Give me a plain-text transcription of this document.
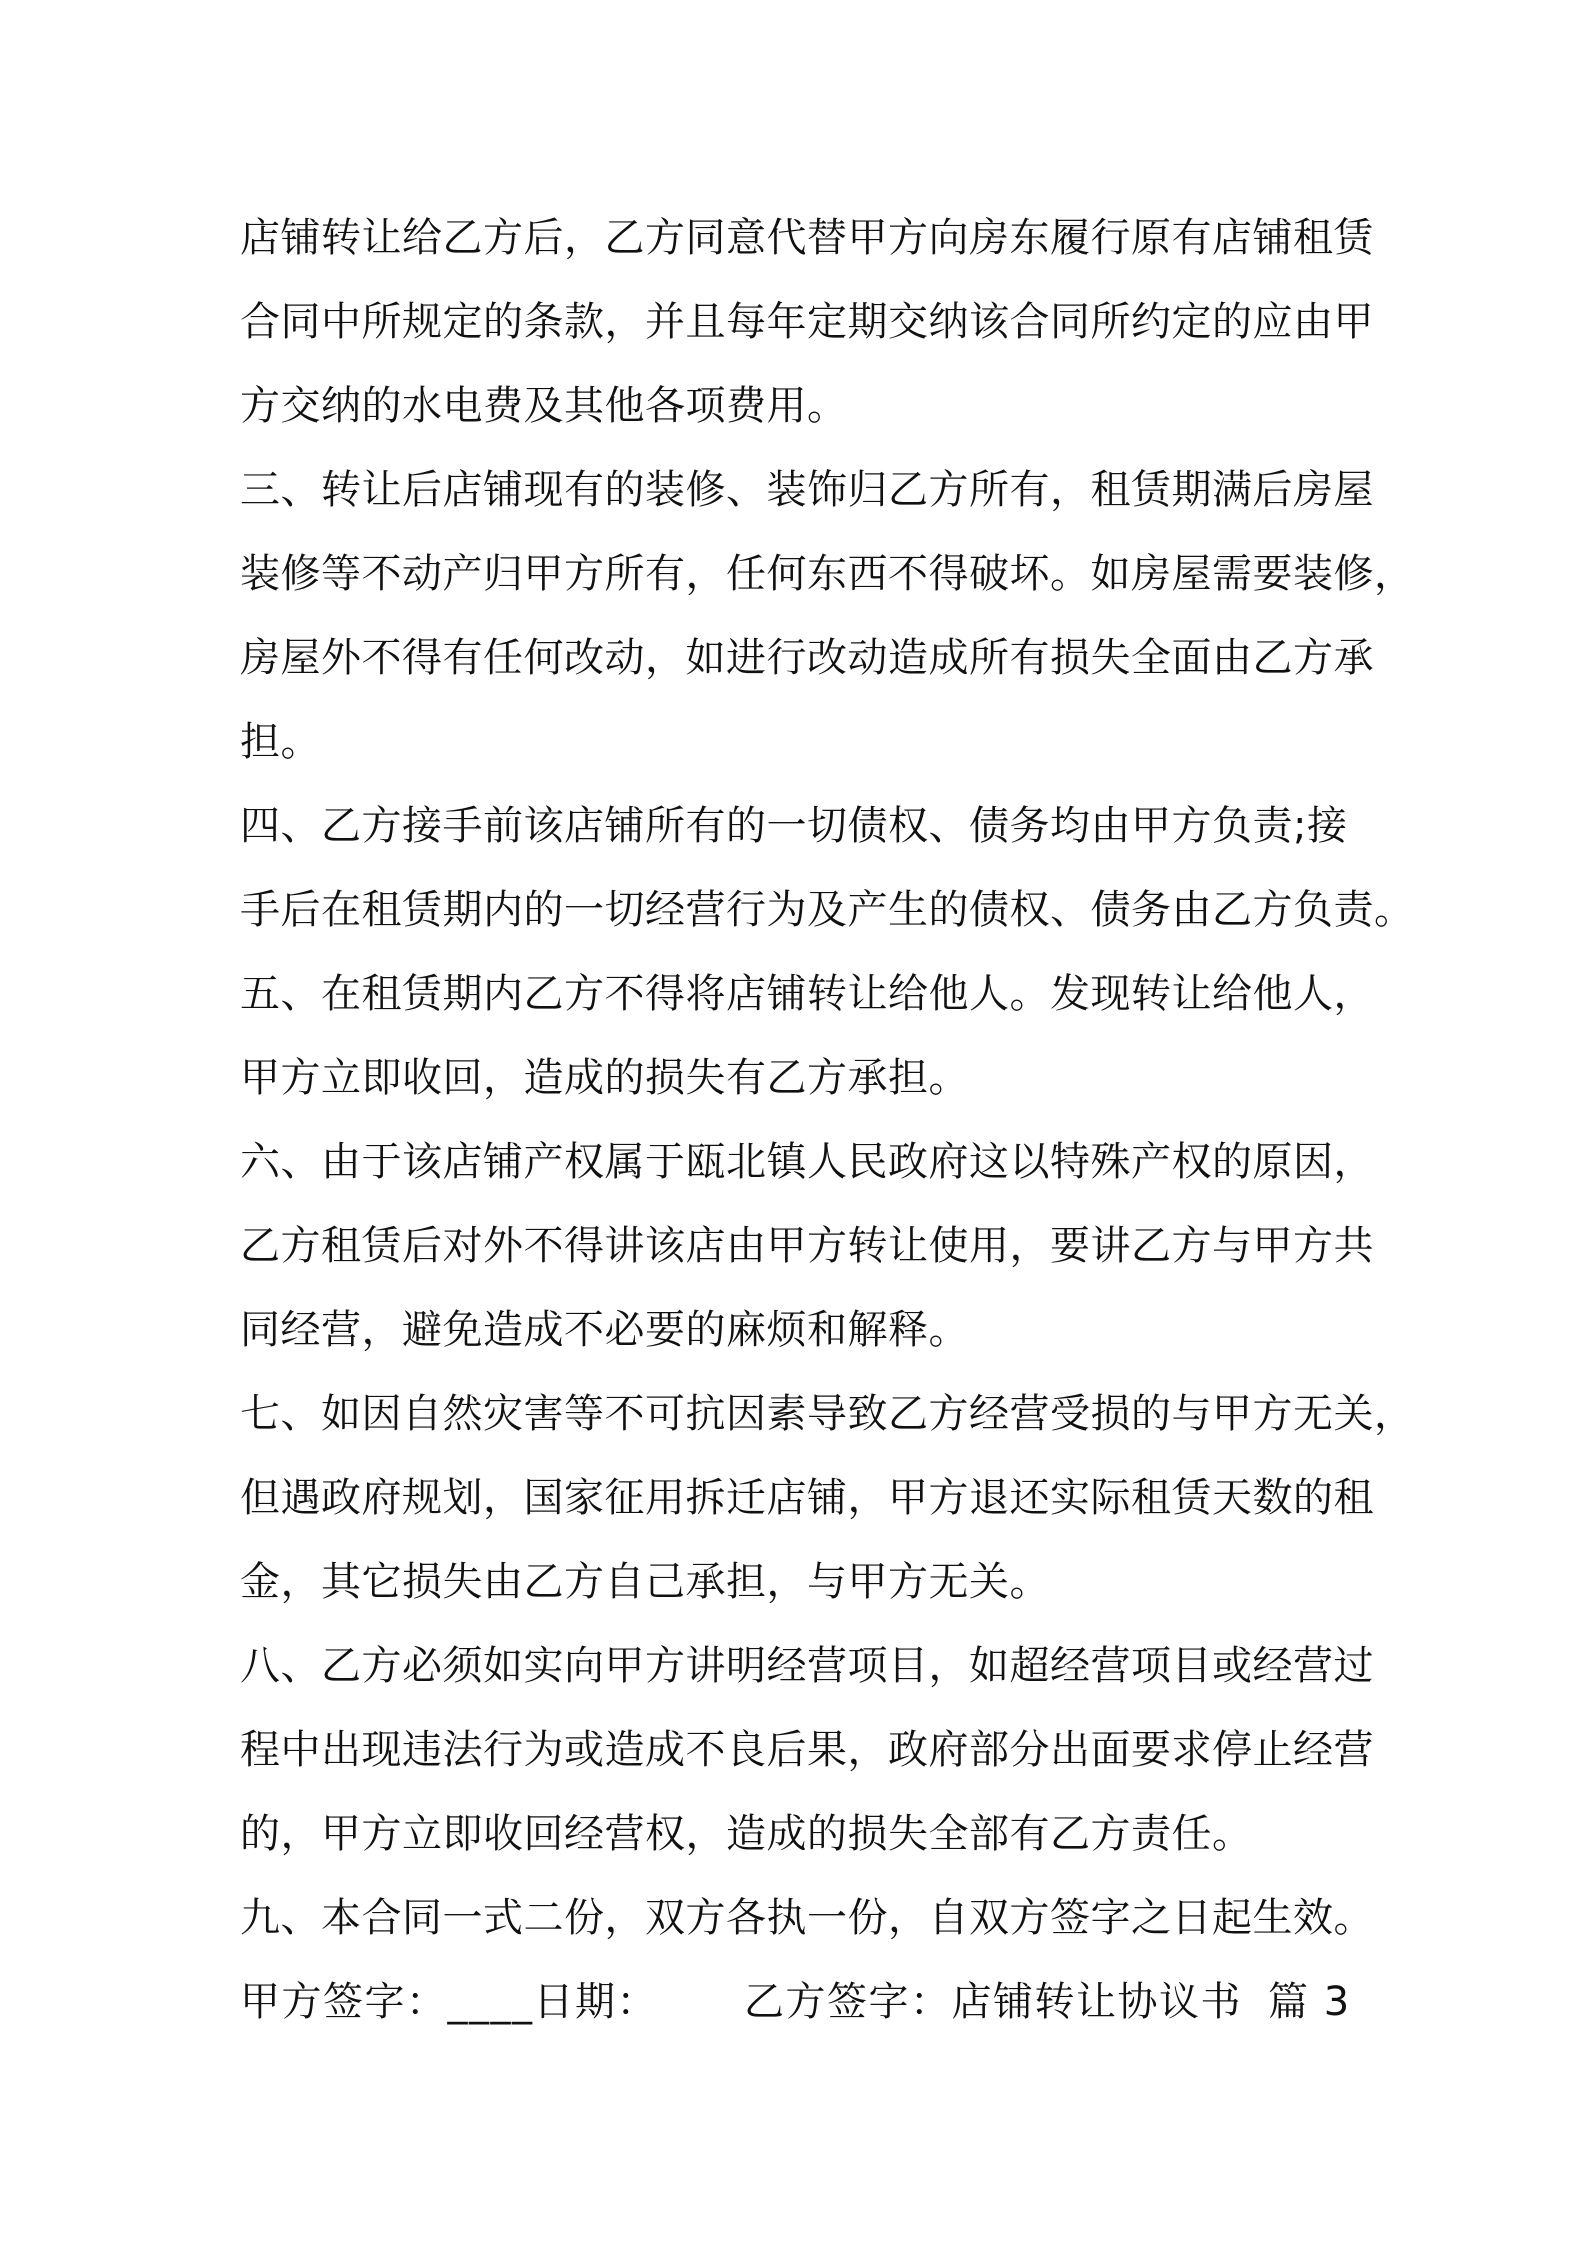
店铺转让给乙方后，乙方同意代替甲方向房东履行原有店铺租赁
合同中所规定的条款，并且每年定期交纳该合同所约定的应由甲
方交纳的水电费及其他各项费用。
三、转让后店铺现有的装修、装饰归乙方所有，租赁期满后房屋
装修等不动产归甲方所有，任何东西不得破坏。如房屋需要装修，
房屋外不得有任何改动，如进行改动造成所有损失全面由乙方承
担。
四、乙方接手前该店铺所有的一切债权、债务均由甲方负责;接
手后在租赁期内的一切经营行为及产生的债权、债务由乙方负责。
五、在租赁期内乙方不得将店铺转让给他人。发现转让给他人，
甲方立即收回，造成的损失有乙方承担。
六、由于该店铺产权属于瓯北镇人民政府这以特殊产权的原因，
乙方租赁后对外不得讲该店由甲方转让使用，要讲乙方与甲方共
同经营，避免造成不必要的麻烦和解释。
七、如因自然灾害等不可抗因素导致乙方经营受损的与甲方无关，
但遇政府规划，国家征用拆迁店铺，甲方退还实际租赁天数的租
金，其它损失由乙方自己承担，与甲方无关。
八、乙方必须如实向甲方讲明经营项目，如超经营项目或经营过
程中出现违法行为或造成不良后果，政府部分出面要求停止经营
的，甲方立即收回经营权，造成的损失全部有乙方责任。
九、本合同一式二份，双方各执一份，自双方签字之日起生效。
甲方签字：____日期： 乙方签字：店铺转让协议书 篇 3
